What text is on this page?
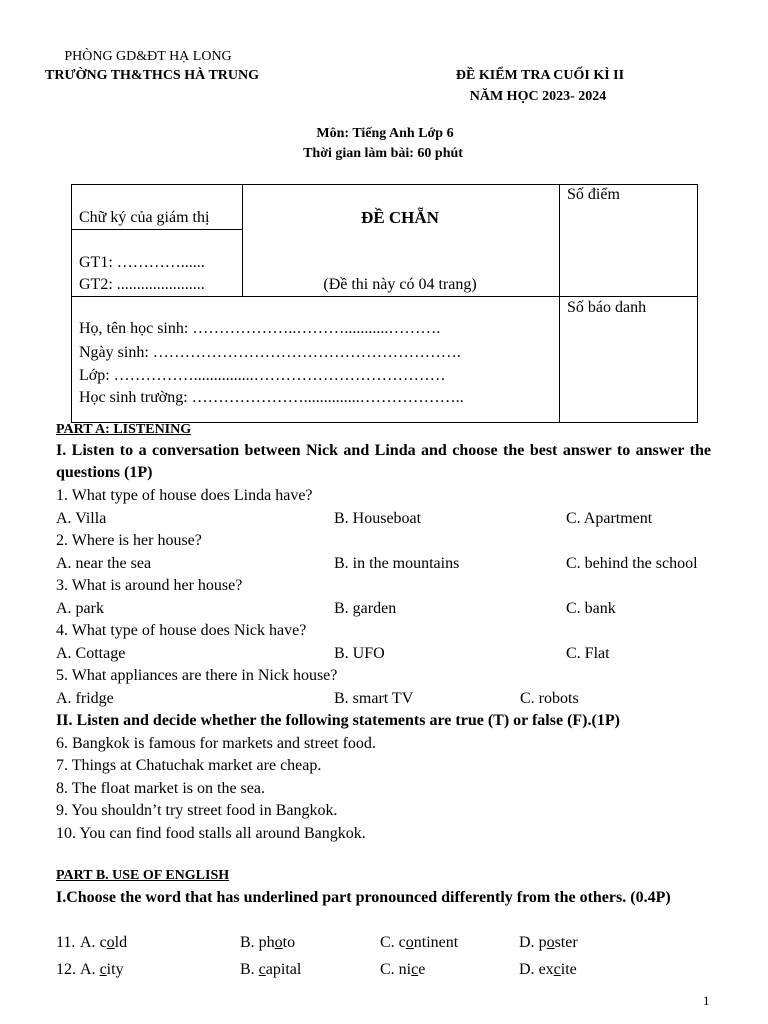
PHÒNG GD&ĐT HẠ LONG
TRƯỜNG TH&THCS HÀ TRUNG	ĐỀ KIỂM TRA CUỐI KÌ II
NĂM HỌC 2023- 2024
Môn: Tiếng Anh Lớp 6
Thời gian làm bài: 60 phút
Chữ ký của giám thị
GT1: …………......
GT2: ......................
ĐỀ CHẴN
(Đề thi này có 04 trang)
Số điểm
Số báo danh
Họ, tên học sinh: ………………..………...........……….
Ngày sinh: ………………………………………………….
Lớp: ……………...............………………………………
Học sinh trường: …………………..............………………..
PART A: LISTENING
I. Listen to a conversation between Nick and Linda and choose the best answer to answer the questions (1P)
1. What type of house does Linda have?
A. Villa	B. Houseboat	C. Apartment
2. Where is her house?
A. near the sea	B. in the mountains	C. behind the school
3. What is around her house?
A. park	B. garden	C. bank
4. What type of house does Nick have?
A. Cottage	B. UFO	C. Flat
5. What appliances are there in Nick house?
A. fridge	B. smart TV	C. robots
II. Listen and decide whether the following statements are true (T) or false (F).(1P)
6. Bangkok is famous for markets and street food.
7. Things at Chatuchak market are cheap.
8. The float market is on the sea.
9. You shouldn’t try street food in Bangkok.
10. You can find food stalls all around Bangkok.
PART B. USE OF ENGLISH
I.Choose the word that has underlined part pronounced differently from the others. (0.4P)
11. A. cold	B. photo	C. continent	D. poster
12. A. city	B. capital	C. nice	D. excite
1
